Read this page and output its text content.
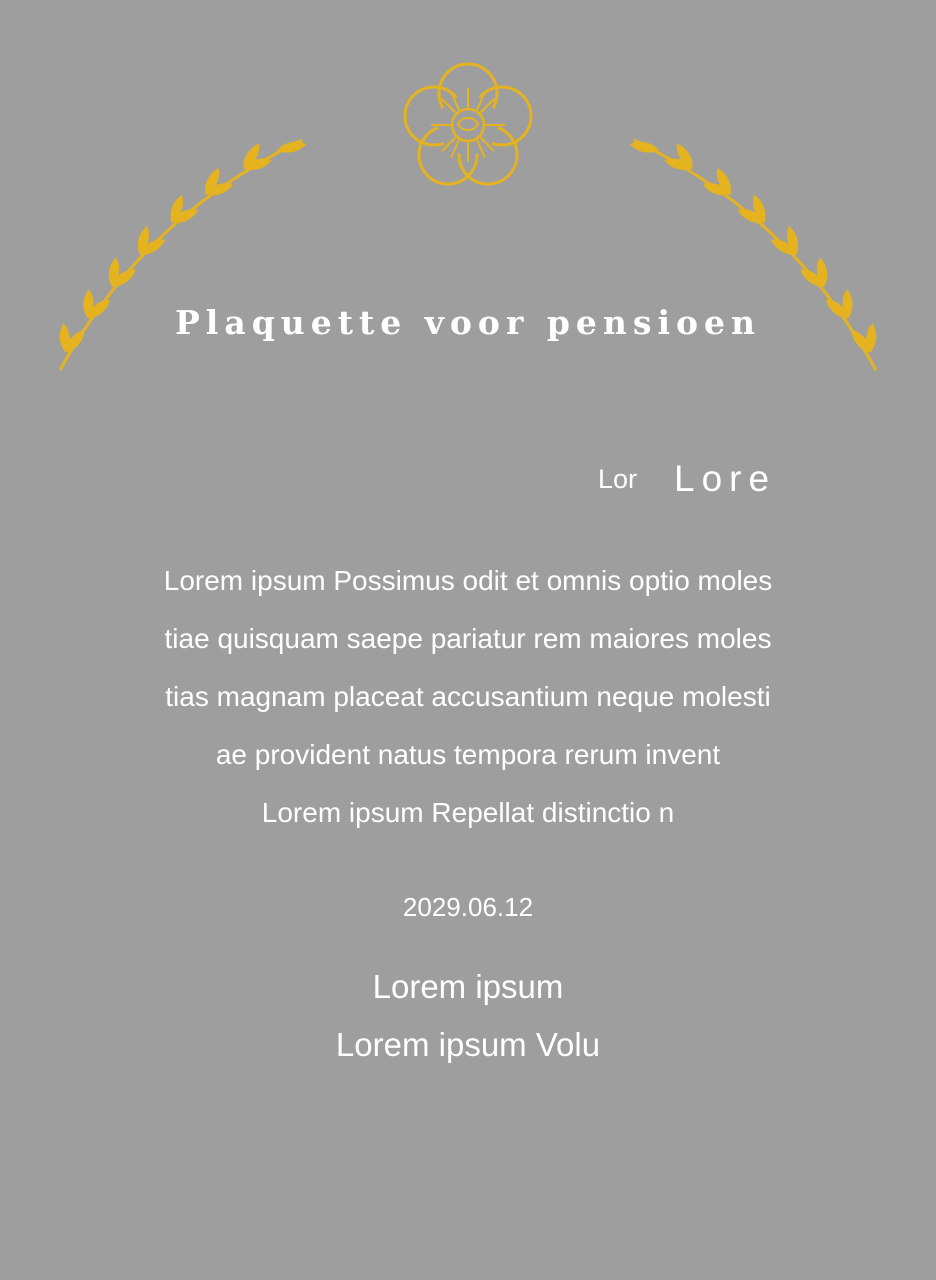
Plaquette voor pensioen
Lor Lore
Lorem ipsum Possimus odit et omnis optio moles
tiae quisquam saepe pariatur rem maiores moles
tias magnam placeat accusantium neque molesti
ae provident natus tempora rerum invent
Lorem ipsum Repellat distinctio n
2029.06.12
Lorem ipsum
Lorem ipsum Volu
